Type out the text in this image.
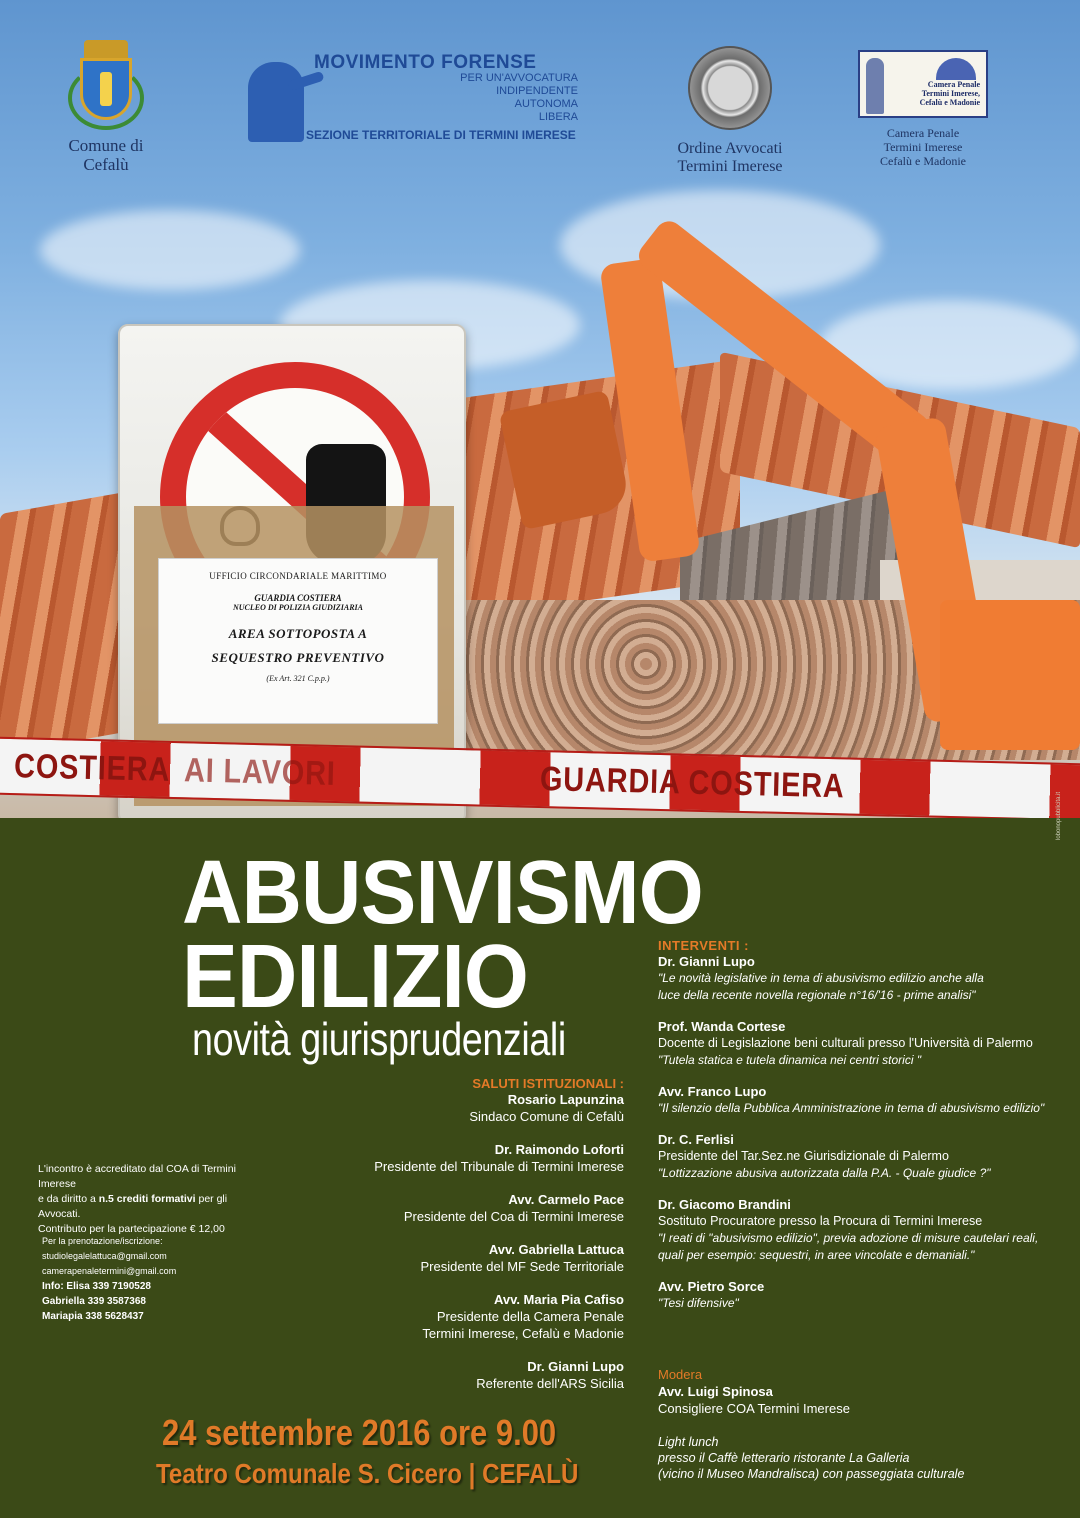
UFFICIO CIRCONDARIALE MARITTIMO
GUARDIA COSTIERA
NUCLEO DI POLIZIA GIUDIZIARIA
AREA SOTTOPOSTA A
SEQUESTRO PREVENTIVO
(Ex Art. 321 C.p.p.)
COSTIERA AI LAVORI	GUARDIA COSTIERA
Comune di
Cefalù
MOVIMENTO FORENSE
PER UN'AVVOCATURA
INDIPENDENTE
AUTONOMA
LIBERA
SEZIONE TERRITORIALE DI TERMINI IMERESE
Ordine Avvocati
Termini Imerese
Camera Penale
Termini Imerese,
Cefalù e Madonie
Camera Penale
Termini Imerese
Cefalù e Madonie
lobonopubblicita.it
ABUSIVISMO
EDILIZIO
novità giurisprudenziali
SALUTI ISTITUZIONALI :
Rosario Lapunzina
Sindaco Comune di Cefalù
Dr. Raimondo Loforti
Presidente del Tribunale di Termini Imerese
Avv. Carmelo Pace
Presidente del Coa di Termini Imerese
Avv. Gabriella Lattuca
Presidente del MF Sede Territoriale
Avv. Maria Pia Cafiso
Presidente della Camera Penale
Termini Imerese, Cefalù e Madonie
Dr. Gianni Lupo
Referente dell'ARS Sicilia
L'incontro è accreditato dal COA di Termini Imerese
e da diritto a n.5 crediti formativi per gli Avvocati.
Contributo per la partecipazione € 12,00
Per la prenotazione/iscrizione:
studiolegalelattuca@gmail.com
camerapenaletermini@gmail.com
Info: Elisa 339 7190528
Gabriella 339 3587368
Mariapia 338 5628437
INTERVENTI :
Dr. Gianni Lupo
"Le novità legislative in tema di abusivismo edilizio anche alla
luce della recente novella regionale n°16/'16 - prime analisi"
Prof. Wanda Cortese
Docente di Legislazione beni culturali presso l'Università di Palermo
"Tutela statica e tutela dinamica nei centri storici "
Avv. Franco Lupo
"Il silenzio della Pubblica Amministrazione in tema di abusivismo edilizio"
Dr. C. Ferlisi
Presidente del Tar.Sez.ne Giurisdizionale di Palermo
"Lottizzazione abusiva autorizzata dalla P.A. - Quale giudice ?"
Dr. Giacomo Brandini
Sostituto Procuratore presso la Procura di Termini Imerese
"I reati di "abusivismo edilizio", previa adozione di misure cautelari reali,
quali per esempio: sequestri, in aree vincolate e demaniali."
Avv. Pietro Sorce
"Tesi difensive"
Modera
Avv. Luigi Spinosa
Consigliere COA Termini Imerese
Light lunch
presso il Caffè letterario ristorante La Galleria
(vicino il Museo Mandralisca) con passeggiata culturale
24 settembre 2016 ore 9.00
Teatro Comunale S. Cicero | CEFALÙ
